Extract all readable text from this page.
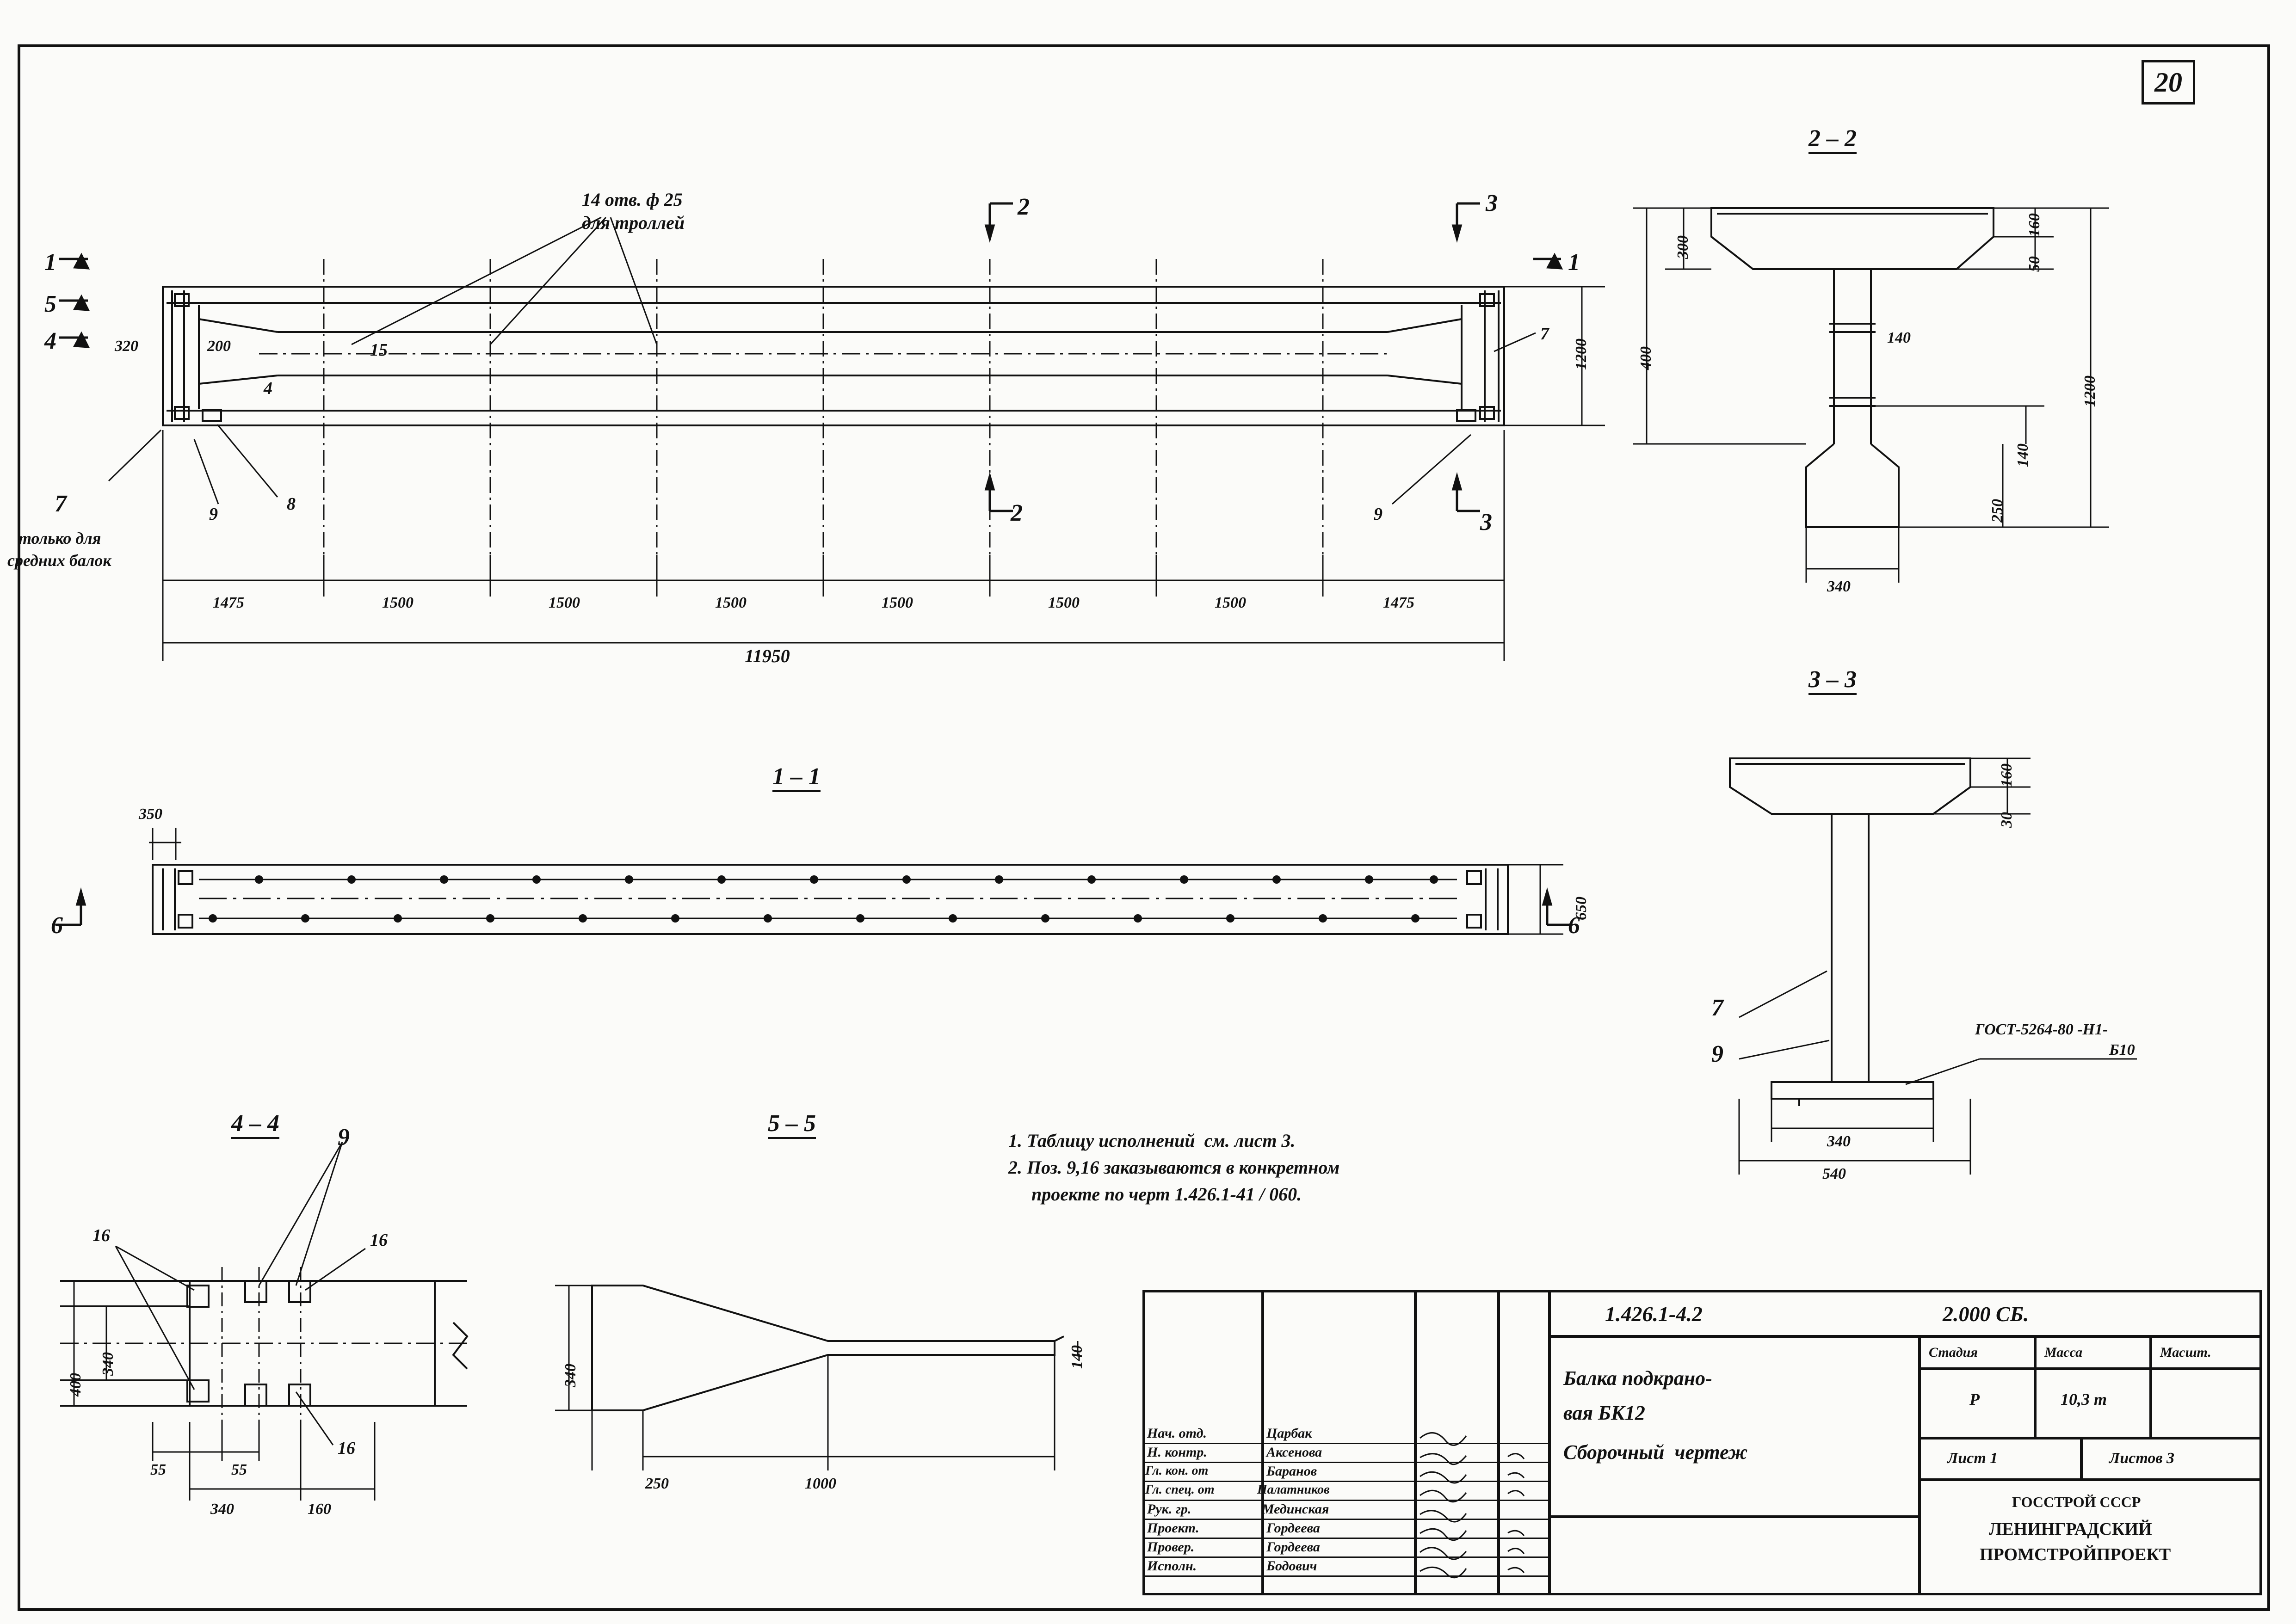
20
14 отв. ф 25
для троллей
1
5
4
1
2
2
3
3
320	200	15
4
7	9
8
9
7
только для
средних балок
1200
1475	1500	1500	1500	1500	1500	1500	1475
11950
1 – 1
350
650
6	6
2 – 2
300
160
50
400
140
140
250
1200
340
3 – 3
160
30
340
540
7
9
ГОСТ-5264-80 -Н1-
Б10
4 – 4
9
16	16
16
340
400
55	55
340	160
5 – 5
340
140
250	1000
1. Таблицу исполнений  см. лист 3.
2. Поз. 9,16 заказываются в конкретном
проекте по черт 1.426.1-41 / 060.
1.426.1-4.2	2.000 СБ.
Балка подкрано-
вая БК12
Сборочный  чертеж
Стадия	Масса	Масшт.
Р	10,3 т
Лист 1	Листов 3
ГОССТРОЙ СССР
ЛЕНИНГРАДСКИЙ
ПРОМСТРОЙПРОЕКТ
Нач. отд.	Царбак
Н. контр.	Аксенова
Гл. кон. от	Баранов
Гл. спец. от	Палатников
Рук. гр.	Мединская
Проект.	Гордеева
Провер.	Гордеева
Исполн.	Бодович
